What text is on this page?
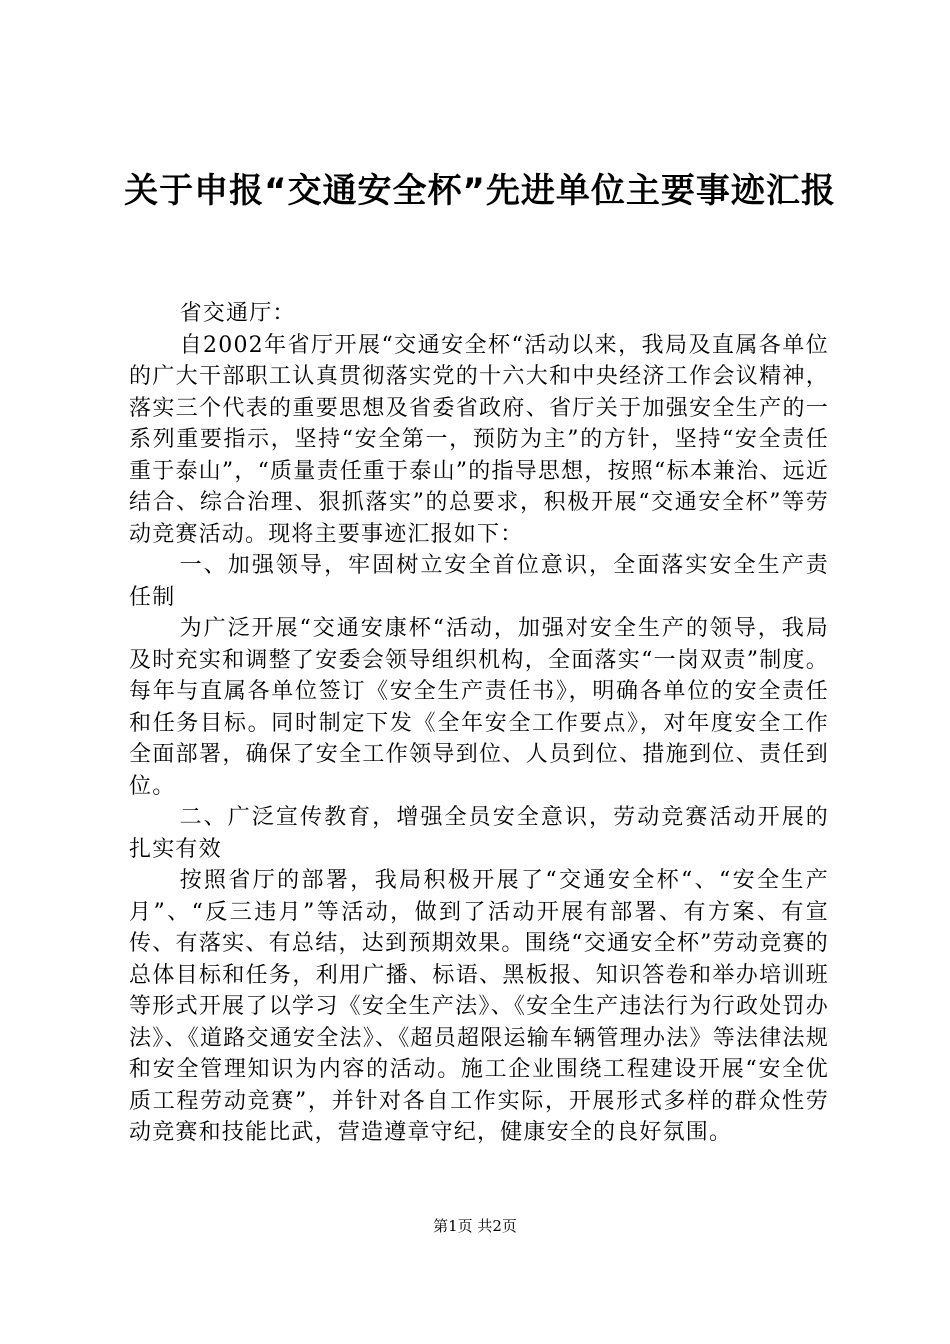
关于申报“交通安全杯”先进单位主要事迹汇报

省交通厅：

自2002年省厅开展“交通安全杯“活动以来，我局及直属各单位的广大干部职工认真贯彻落实党的十六大和中央经济工作会议精神，落实三个代表的重要思想及省委省政府、省厅关于加强安全生产的一系列重要指示，坚持“安全第一，预防为主”的方针，坚持“安全责任重于泰山”，“质量责任重于泰山”的指导思想，按照“标本兼治、远近结合、综合治理、狠抓落实”的总要求，积极开展“交通安全杯”等劳动竞赛活动。现将主要事迹汇报如下：

一、加强领导，牢固树立安全首位意识，全面落实安全生产责任制

为广泛开展“交通安康杯“活动，加强对安全生产的领导，我局及时充实和调整了安委会领导组织机构，全面落实“一岗双责”制度。每年与直属各单位签订《安全生产责任书》，明确各单位的安全责任和任务目标。同时制定下发《全年安全工作要点》，对年度安全工作全面部署，确保了安全工作领导到位、人员到位、措施到位、责任到位。

二、广泛宣传教育，增强全员安全意识，劳动竞赛活动开展的扎实有效

按照省厅的部署，我局积极开展了“交通安全杯“、“安全生产月”、“反三违月”等活动，做到了活动开展有部署、有方案、有宣传、有落实、有总结，达到预期效果。围绕“交通安全杯”劳动竞赛的总体目标和任务，利用广播、标语、黑板报、知识答卷和举办培训班等形式开展了以学习《安全生产法》、《安全生产违法行为行政处罚办法》、《道路交通安全法》、《超员超限运输车辆管理办法》等法律法规和安全管理知识为内容的活动。施工企业围绕工程建设开展“安全优质工程劳动竞赛”，并针对各自工作实际，开展形式多样的群众性劳动竞赛和技能比武，营造遵章守纪，健康安全的良好氛围。

第1页 共2页
